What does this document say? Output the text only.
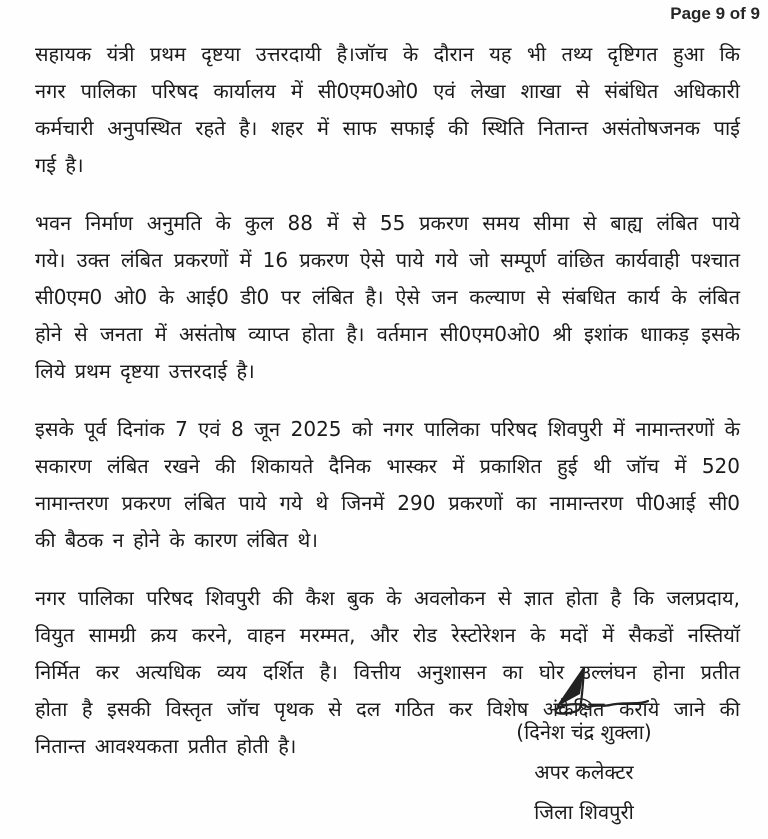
Page 9 of 9
सहायक यंत्री प्रथम दृष्टया उत्तरदायी है।जॉच के दौरान यह भी तथ्य दृष्टिगत हुआ कि
नगर पालिका परिषद कार्यालय में सी0एम0ओ0 एवं लेखा शाखा से संबंधित अधिकारी
कर्मचारी अनुपस्थित रहते है। शहर में साफ सफाई की स्थिति नितान्त असंतोषजनक पाई
गई है।
भवन निर्माण अनुमति के कुल 88 में से 55 प्रकरण समय सीमा से बाह्य लंबित पाये
गये। उक्त लंबित प्रकरणों में 16 प्रकरण ऐसे पाये गये जो सम्पूर्ण वांछित कार्यवाही पश्चात
सी0एम0 ओ0 के आई0 डी0 पर लंबित है। ऐसे जन कल्याण से संबधित कार्य के लंबित
होने से जनता में असंतोष व्याप्त होता है। वर्तमान सी0एम0ओ0 श्री इशांक धााकड़ इसके
लिये प्रथम दृष्टया उत्तरदाई है।
इसके पूर्व दिनांक 7 एवं 8 जून 2025 को नगर पालिका परिषद शिवपुरी में नामान्तरणों के
सकारण लंबित रखने की शिकायते दैनिक भास्कर में प्रकाशित हुई थी जॉच में 520
नामान्तरण प्रकरण लंबित पाये गये थे जिनमें 290 प्रकरणों का नामान्तरण पी0आई सी0
की बैठक न होने के कारण लंबित थे।
नगर पालिका परिषद शिवपुरी की कैश बुक के अवलोकन से ज्ञात होता है कि जलप्रदाय,
वियुत सामग्री क्रय करने, वाहन मरम्मत, और रोड रेस्टोरेशन के मदों में सैकडों नस्तियॉ
निर्मित कर अत्यधिक व्यय दर्शित है। वित्तीय अनुशासन का घोर उल्लंघन होना प्रतीत
होता है इसकी विस्तृत जॉच पृथक से दल गठित कर विशेष अंकेक्षित कराये जाने की
नितान्त आवश्यकता प्रतीत होती है।
(दिनेश चंद्र शुक्ला)
अपर कलेक्टर
जिला शिवपुरी
